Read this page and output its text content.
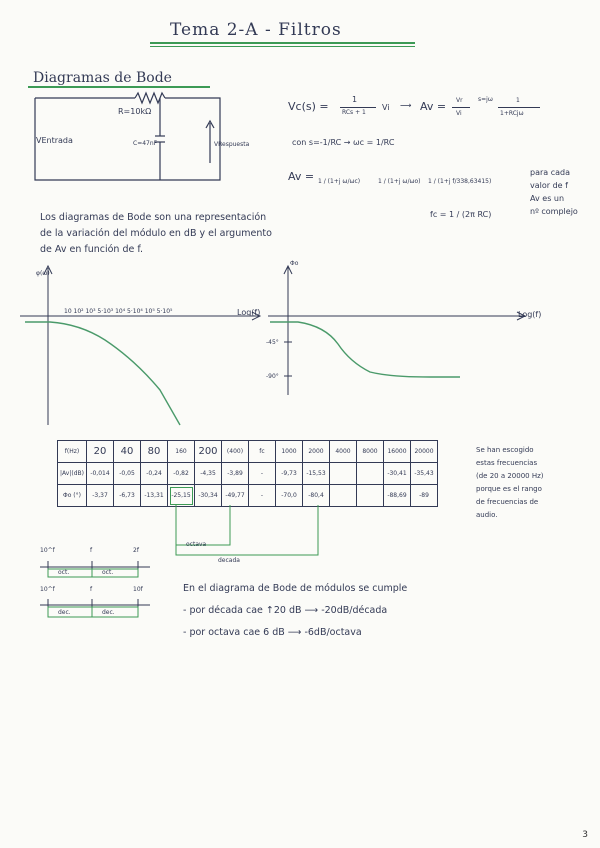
Tema 2-A - Filtros
Diagramas de Bode
R=10kΩ
VEntrada	C=47nF	VRespuesta
Vc(s) =
1
RCs + 1
Vi ⟶ Av = Vr
Vi
s=jω	1
1+RCjω
con s=-1/RC → ωc = 1/RC
Av = 1 / (1+j ω/ωc)	1 / (1+j ω/ωo) 1 / (1+j f/338,63415)
para cada
valor de f
Av es un
nº complejo
fc = 1 / (2π RC)
Los diagramas de Bode son una representación
de la variación del módulo en dB y el argumento
de Av en función de f.
φ(ω)
10 10² 10³ 5·10³ 10⁴ 5·10⁴ 10⁵ 5·10⁵	Log(f)
Φo
-45°
-90°
Log(f)
f(Hz)	20	40	80	160	200	(400)	fc	1000	2000	4000	8000	16000	20000
|Av|(dB)	-0,014	-0,05	-0,24	-0,82	-4,35	-3,89	-	-9,73	-15,53			-30,41	-35,43
Φo (°)	-3,37	-6,73	-13,31	-25,15	-30,34	-49,77	-	-70,0	-80,4			-88,69	-89
octava
decada
Se han escogido
estas frecuencias
(de 20 a 20000 Hz)
porque es el rango
de frecuencias de
audio.
10^f	f	2f
oct.	oct.
10^f	f	10f
dec.	dec.
En el diagrama de Bode de módulos se cumple
- por década cae ↑20 dB ⟶ -20dB/década
- por octava cae 6 dB ⟶ -6dB/octava
3
